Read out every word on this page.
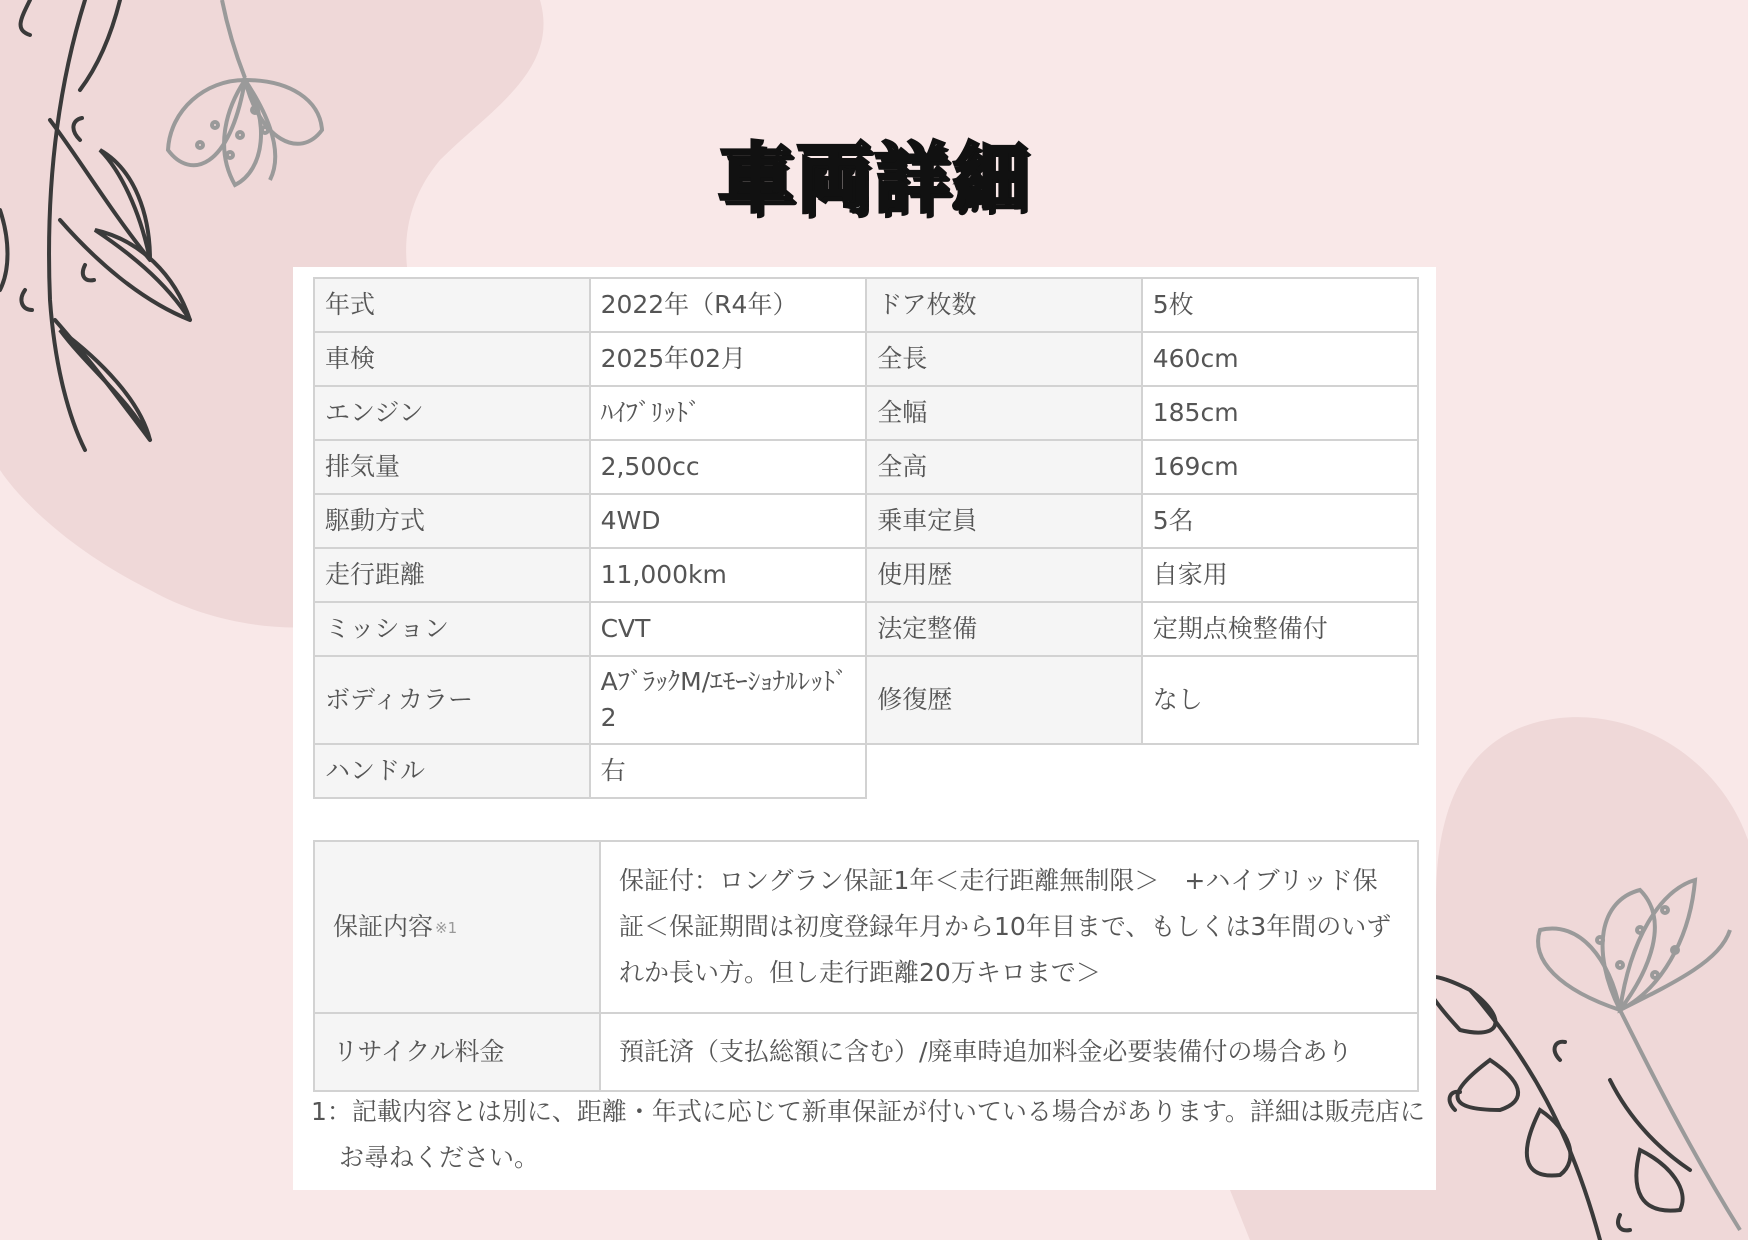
車両詳細
年式	2022年（R4年）	ドア枚数	5枚
車検	2025年02月	全長	460cm
エンジン	ﾊｲﾌﾞﾘｯﾄﾞ	全幅	185cm
排気量	2,500cc	全高	169cm
駆動方式	4WD	乗車定員	5名
走行距離	11,000km	使用歴	自家用
ミッション	CVT	法定整備	定期点検整備付
ボディカラー	AﾌﾞﾗｯｸM/ｴﾓｰｼｮﾅﾙﾚｯﾄﾞ2	修復歴	なし
ハンドル	右		
保証内容 ※1	保証付：ロングラン保証1年＜走行距離無制限＞　+ハイブリッド保証＜保証期間は初度登録年月から10年目まで、もしくは3年間のいずれか長い方。但し走行距離20万キロまで＞
リサイクル料金	預託済（支払総額に含む）/廃車時追加料金必要装備付の場合あり
1：記載内容とは別に、距離・年式に応じて新車保証が付いている場合があります。詳細は販売店にお尋ねください。
